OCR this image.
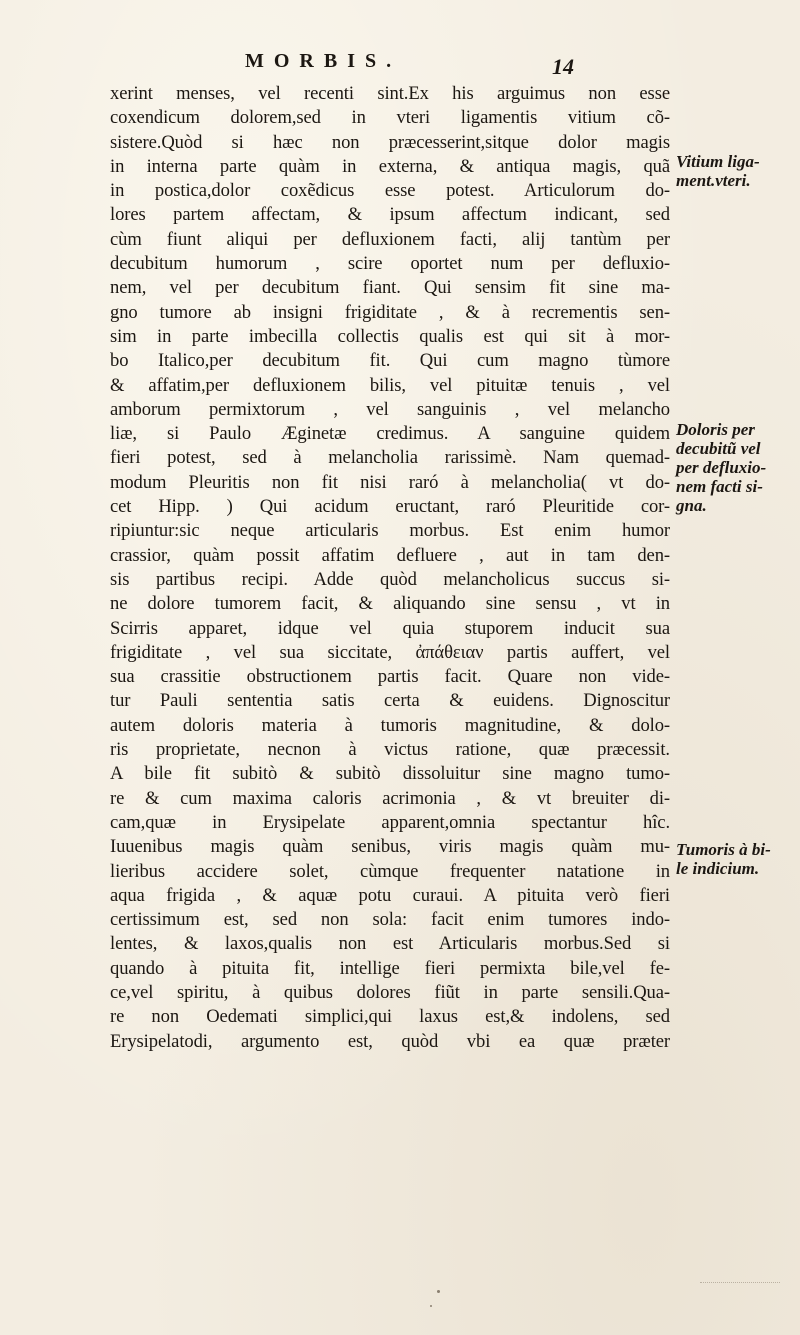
MORBIS.	14
xerint menses, vel recenti sint.Ex his arguimus non esse
coxendicum dolorem,sed in vteri ligamentis vitium cõ-
sistere.Quòd si hæc non præcesserint,sitque dolor magis
in interna parte quàm in externa, & antiqua magis, quã
in postica,dolor coxẽdicus esse potest. Articulorum do-
lores partem affectam, & ipsum affectum indicant, sed
cùm fiunt aliqui per defluxionem facti, alij tantùm per
decubitum humorum , scire oportet num per defluxio-
nem, vel per decubitum fiant. Qui sensim fit sine ma-
gno tumore ab insigni frigiditate , & à recrementis sen-
sim in parte imbecilla collectis qualis est qui sit à mor-
bo Italico,per decubitum fit. Qui cum magno tùmore
& affatim,per defluxionem bilis, vel pituitæ tenuis , vel
amborum permixtorum , vel sanguinis , vel melancho
liæ, si Paulo Æginetæ credimus. A sanguine quidem
fieri potest, sed à melancholia rarissimè. Nam quemad-
modum Pleuritis non fit nisi raró à melancholia( vt do-
cet Hipp. ) Qui acidum eructant, raró Pleuritide cor-
ripiuntur:sic neque articularis morbus. Est enim humor
crassior, quàm possit affatim defluere , aut in tam den-
sis partibus recipi. Adde quòd melancholicus succus si-
ne dolore tumorem facit, & aliquando sine sensu , vt in
Scirris apparet, idque vel quia stuporem inducit sua
frigiditate , vel sua siccitate, ἀπάθειαν partis auffert, vel
sua crassitie obstructionem partis facit. Quare non vide-
tur Pauli sententia satis certa & euidens. Dignoscitur
autem doloris materia à tumoris magnitudine, & dolo-
ris proprietate, necnon à victus ratione, quæ præcessit.
A bile fit subitò & subitò dissoluitur sine magno tumo-
re & cum maxima caloris acrimonia , & vt breuiter di-
cam,quæ in Erysipelate apparent,omnia spectantur hîc.
Iuuenibus magis quàm senibus, viris magis quàm mu-
lieribus accidere solet, cùmque frequenter natatione in
aqua frigida , & aquæ potu curaui. A pituita verò fieri
certissimum est, sed non sola: facit enim tumores indo-
lentes, & laxos,qualis non est Articularis morbus.Sed si
quando à pituita fit, intellige fieri permixta bile,vel fe-
ce,vel spiritu, à quibus dolores fiũt in parte sensili.Qua-
re non Oedemati simplici,qui laxus est,& indolens, sed
Erysipelatodi, argumento est, quòd vbi ea quæ præter
Vitium liga-
ment.vteri.
Doloris per
decubitũ vel
per defluxio-
nem facti si-
gna.
Tumoris à bi-
le indicium.
